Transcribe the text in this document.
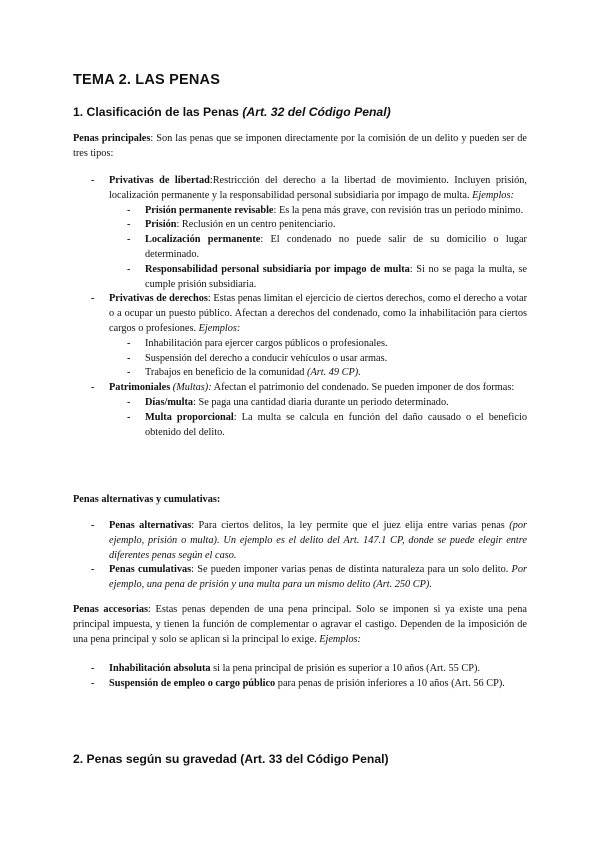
TEMA 2. LAS PENAS
1. Clasificación de las Penas (Art. 32 del Código Penal)

Penas principales: Son las penas que se imponen directamente por la comisión de un delito y pueden ser de tres tipos:

- Privativas de libertad:Restricción del derecho a la libertad de movimiento. Incluyen prisión, localización permanente y la responsabilidad personal subsidiaria por impago de multa. Ejemplos:
- Prisión permanente revisable: Es la pena más grave, con revisión tras un periodo mínimo.
- Prisión: Reclusión en un centro penitenciario.
- Localización permanente: El condenado no puede salir de su domicilio o lugar determinado.
- Responsabilidad personal subsidiaria por impago de multa: Si no se paga la multa, se cumple prisión subsidiaria.
- Privativas de derechos: Estas penas limitan el ejercicio de ciertos derechos, como el derecho a votar o a ocupar un puesto público. Afectan a derechos del condenado, como la inhabilitación para ciertos cargos o profesiones. Ejemplos:
- Inhabilitación para ejercer cargos públicos o profesionales.
- Suspensión del derecho a conducir vehículos o usar armas.
- Trabajos en beneficio de la comunidad (Art. 49 CP).
- Patrimoniales (Multas): Afectan el patrimonio del condenado. Se pueden imponer de dos formas:
- Días/multa: Se paga una cantidad diaria durante un periodo determinado.
- Multa proporcional: La multa se calcula en función del daño causado o el beneficio obtenido del delito.

Penas alternativas y cumulativas:

- Penas alternativas: Para ciertos delitos, la ley permite que el juez elija entre varias penas (por ejemplo, prisión o multa). Un ejemplo es el delito del Art. 147.1 CP, donde se puede elegir entre diferentes penas según el caso.
- Penas cumulativas: Se pueden imponer varias penas de distinta naturaleza para un solo delito. Por ejemplo, una pena de prisión y una multa para un mismo delito (Art. 250 CP).

Penas accesorias: Estas penas dependen de una pena principal. Solo se imponen si ya existe una pena principal impuesta, y tienen la función de complementar o agravar el castigo. Dependen de la imposición de una pena principal y solo se aplican si la principal lo exige. Ejemplos:

- Inhabilitación absoluta si la pena principal de prisión es superior a 10 años (Art. 55 CP).
- Suspensión de empleo o cargo público para penas de prisión inferiores a 10 años (Art. 56 CP).
2. Penas según su gravedad (Art. 33 del Código Penal)
